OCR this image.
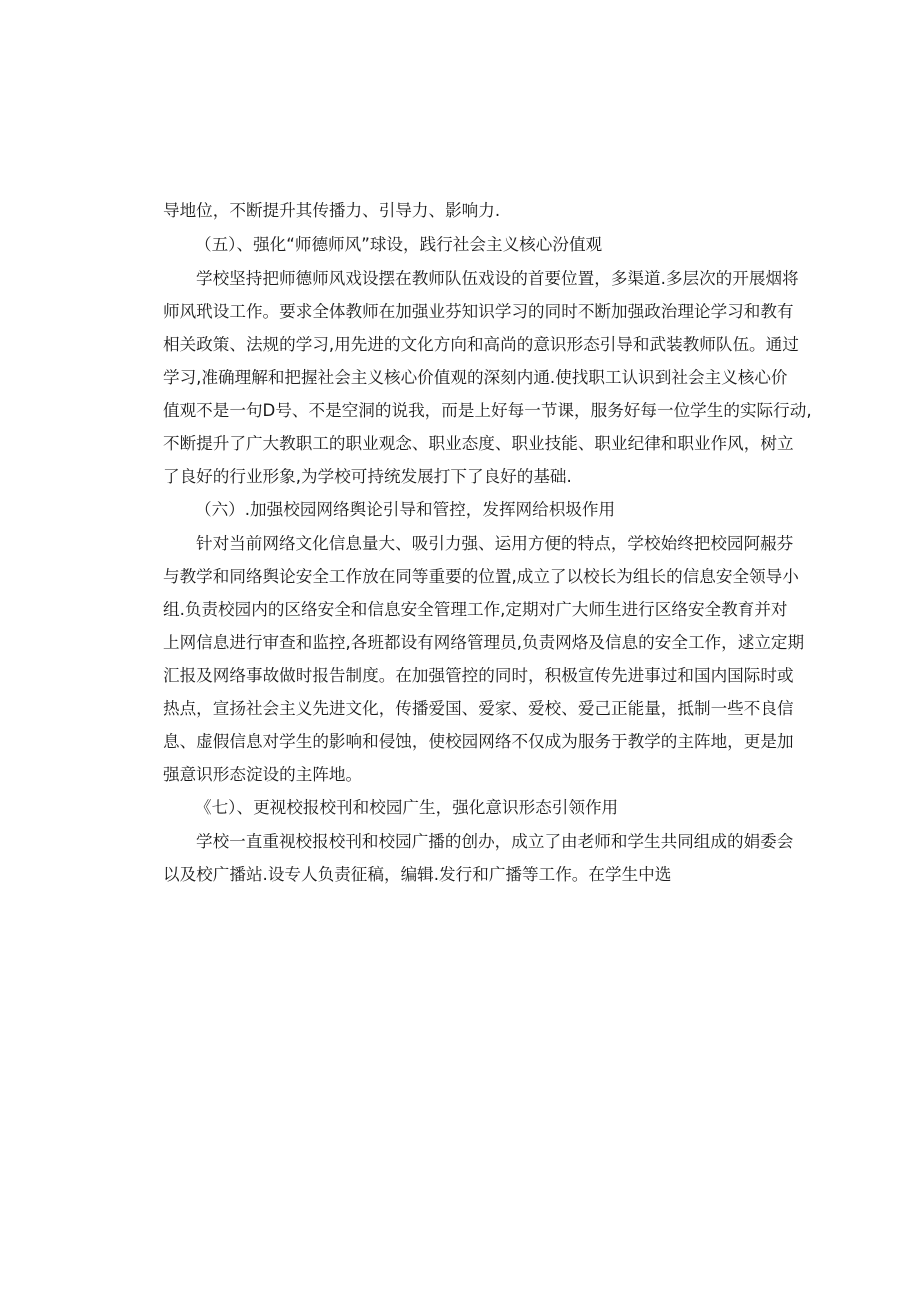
导地位，不断提升其传播力、引导力、影响力.

（五）、强化“师德师风”球设，践行社会主义核心汾值观

学校坚持把师德师风戏设摆在教师队伍戏设的首要位置，多渠道.多层次的开展烟将

师风玳设工作。要求全体教师在加强业芬知识学习的同时不断加强政治理论学习和教有

相关政策、法规的学习,用先进的文化方向和高尚的意识形态引导和武装教师队伍。通过

学习,准确理解和把握社会主义核心价值观的深刻内通.使找职工认识到社会主义核心价

值观不是一句D号、不是空洞的说我，而是上好每一节课，服务好每一位学生的实际行动,

不断提升了广大教职工的职业观念、职业态度、职业技能、职业纪律和职业作风，树立

了良好的行业形象,为学校可持统发展打下了良好的基础.

（六）.加强校园网络舆论引导和管控，发挥网给枳圾作用

针对当前网络文化信息量大、吸引力强、运用方便的特点，学校始终把校园阿赧芬

与教学和同络舆论安全工作放在同等重要的位置,成立了以校长为组长的信息安全领导小

组.负责校园内的区络安全和信息安全管理工作,定期对广大师生进行区络安全教育并对

上网信息进行审查和监控,各班都设有网络管理员,负责网烙及信息的安全工作，逑立定期

汇报及网络事故做时报告制度。在加强管控的同时，积极宣传先进事过和国内国际时或

热点，宣扬社会主义先进文化，传播爱国、爱家、爱校、爱己正能量，抵制一些不良信

息、虚假信息对学生的影响和侵蚀，使校园网络不仅成为服务于教学的主阵地，更是加

强意识形态淀设的主阵地。

《七）、更视校报校刊和校园广生，强化意识形态引领作用

学校一直重视校报校刊和校园广播的创办，成立了由老师和学生共同组成的娟委会

以及校广播站.设专人负责征稿，编辑.发行和广播等工作。在学生中选
